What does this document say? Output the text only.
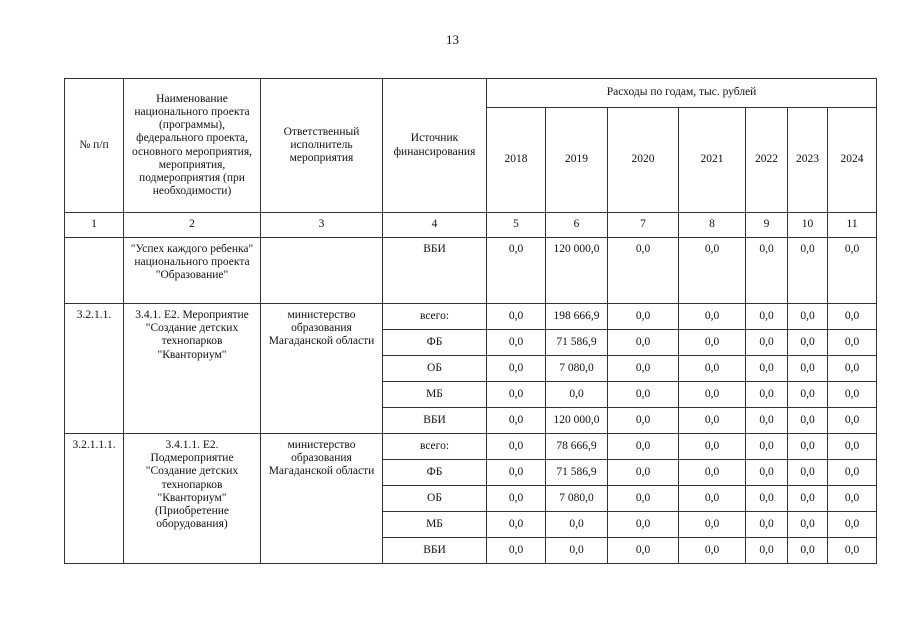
13
№ п/п	Наименование национального проекта (программы), федерального проекта, основного мероприятия, мероприятия, подмероприятия (при необходимости)	Ответственный исполнитель мероприятия	Источник финансирования	Расходы по годам, тыс. рублей						
				2018	2019	2020	2021	2022	2023	2024
1	2	3	4	5	6	7	8	9	10	11
	"Успех каждого ребенка" национального проекта "Образование"		ВБИ	0,0	120 000,0	0,0	0,0	0,0	0,0	0,0
3.2.1.1.	3.4.1. Е2. Мероприятие "Создание детских технопарков "Кванториум"	министерство образования Магаданской области	всего:	0,0	198 666,9	0,0	0,0	0,0	0,0	0,0
			ФБ	0,0	71 586,9	0,0	0,0	0,0	0,0	0,0
			ОБ	0,0	7 080,0	0,0	0,0	0,0	0,0	0,0
			МБ	0,0	0,0	0,0	0,0	0,0	0,0	0,0
			ВБИ	0,0	120 000,0	0,0	0,0	0,0	0,0	0,0
3.2.1.1.1.	3.4.1.1. Е2. Подмероприятие "Создание детских технопарков "Кванториум" (Приобретение оборудования)	министерство образования Магаданской области	всего:	0,0	78 666,9	0,0	0,0	0,0	0,0	0,0
			ФБ	0,0	71 586,9	0,0	0,0	0,0	0,0	0,0
			ОБ	0,0	7 080,0	0,0	0,0	0,0	0,0	0,0
			МБ	0,0	0,0	0,0	0,0	0,0	0,0	0,0
			ВБИ	0,0	0,0	0,0	0,0	0,0	0,0	0,0
